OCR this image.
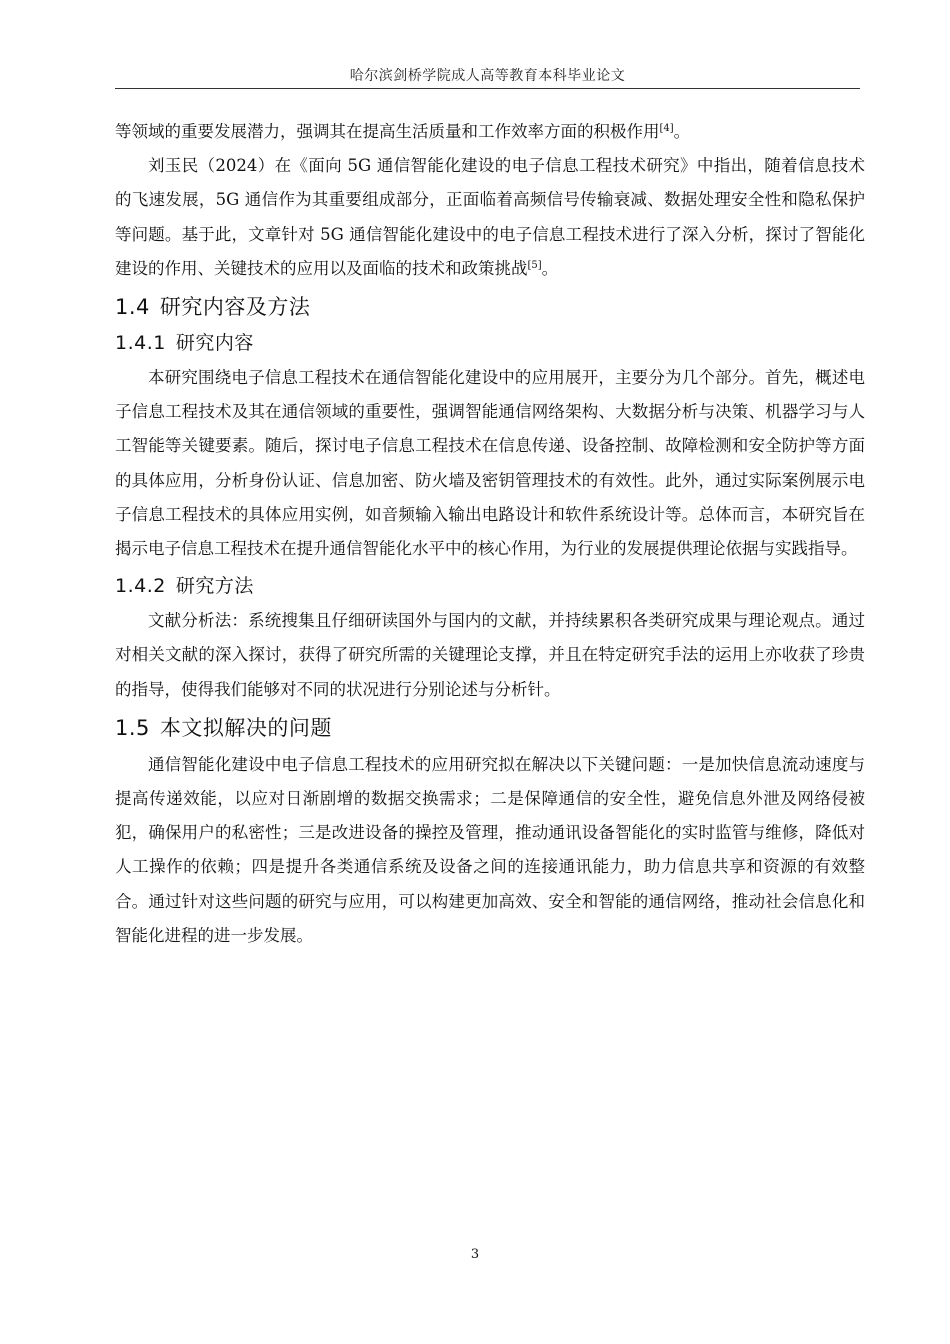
哈尔滨剑桥学院成人高等教育本科毕业论文

等领域的重要发展潜力，强调其在提高生活质量和工作效率方面的积极作用[4]。

刘玉民（2024）在《面向 5G 通信智能化建设的电子信息工程技术研究》中指出，随着信息技术的飞速发展，5G 通信作为其重要组成部分，正面临着高频信号传输衰减、数据处理安全性和隐私保护等问题。基于此，文章针对 5G 通信智能化建设中的电子信息工程技术进行了深入分析，探讨了智能化建设的作用、关键技术的应用以及面临的技术和政策挑战[5]。

1.4 研究内容及方法
1.4.1 研究内容

本研究围绕电子信息工程技术在通信智能化建设中的应用展开，主要分为几个部分。首先，概述电子信息工程技术及其在通信领域的重要性，强调智能通信网络架构、大数据分析与决策、机器学习与人工智能等关键要素。随后，探讨电子信息工程技术在信息传递、设备控制、故障检测和安全防护等方面的具体应用，分析身份认证、信息加密、防火墙及密钥管理技术的有效性。此外，通过实际案例展示电子信息工程技术的具体应用实例，如音频输入输出电路设计和软件系统设计等。总体而言，本研究旨在揭示电子信息工程技术在提升通信智能化水平中的核心作用，为行业的发展提供理论依据与实践指导。

1.4.2 研究方法

文献分析法：系统搜集且仔细研读国外与国内的文献，并持续累积各类研究成果与理论观点。通过对相关文献的深入探讨，获得了研究所需的关键理论支撑，并且在特定研究手法的运用上亦收获了珍贵的指导，使得我们能够对不同的状况进行分别论述与分析针。

1.5 本文拟解决的问题

通信智能化建设中电子信息工程技术的应用研究拟在解决以下关键问题：一是加快信息流动速度与提高传递效能，以应对日渐剧增的数据交换需求；二是保障通信的安全性，避免信息外泄及网络侵被犯，确保用户的私密性；三是改进设备的操控及管理，推动通讯设备智能化的实时监管与维修，降低对人工操作的依赖；四是提升各类通信系统及设备之间的连接通讯能力，助力信息共享和资源的有效整合。通过针对这些问题的研究与应用，可以构建更加高效、安全和智能的通信网络，推动社会信息化和智能化进程的进一步发展。

3
